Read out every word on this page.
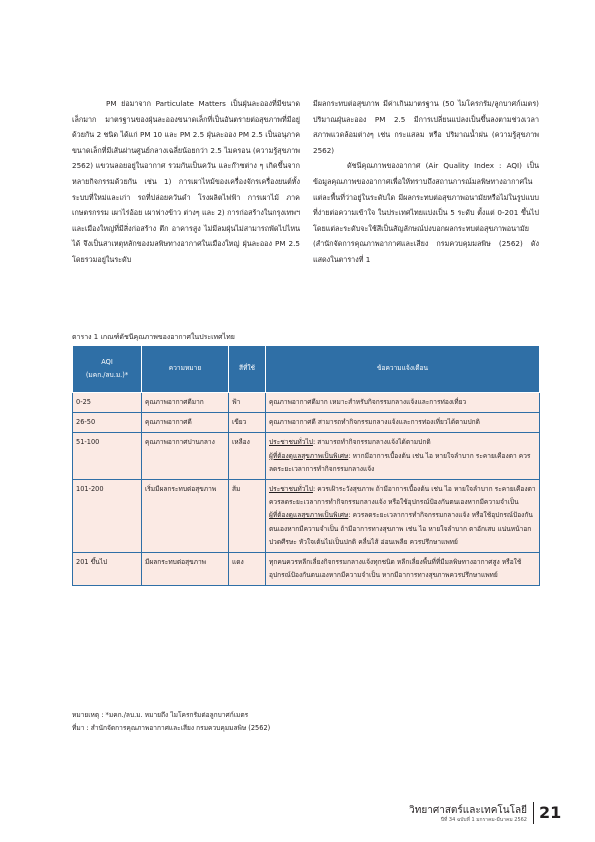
PM ย่อมาจาก Particulate Matters เป็นฝุ่นละอองที่มีขนาดเล็กมาก มาตรฐานของฝุ่นละอองขนาดเล็กที่เป็นอันตรายต่อสุขภาพที่มีอยู่ด้วยกัน 2 ชนิด ได้แก่ PM 10 และ PM 2.5 ฝุ่นละออง PM 2.5 เป็นอนุภาคขนาดเล็กที่มีเส้นผ่านศูนย์กลางเฉลี่ยน้อยกว่า 2.5 ไมครอน (ความรู้สุขภาพ 2562) แขวนลอยอยู่ในอากาศ รวมกันเป็นควัน และก๊าซต่าง ๆ เกิดขึ้นจากหลายกิจกรรมด้วยกัน เช่น 1) การเผาไหม้ของเครื่องจักรเครื่องยนต์ทั้งระบบที่ใหม่และเก่า รถที่ปล่อยควันดำ โรงผลิตไฟฟ้า การเผาไม้ ภาคเกษตรกรรม เผาไร่อ้อย เผาฟางข้าว ต่างๆ และ 2) การก่อสร้างในกรุงเทพฯ และเมืองใหญ่ที่มีสิ่งก่อสร้าง ตึก อาคารสูง ไม่มีลมฝุ่นไม่สามารถพัดไปไหนได้ จึงเป็นสาเหตุหลักของมลพิษทางอากาศในเมืองใหญ่ ฝุ่นละออง PM 2.5 โดยรวมอยู่ในระดับ

มีผลกระทบต่อสุขภาพ มีค่าเกินมาตรฐาน (50 ไมโครกรัม/ลูกบาศก์เมตร) ปริมาณฝุ่นละออง PM 2.5 มีการเปลี่ยนแปลงเป็นขึ้นลงตามช่วงเวลา สภาพแวดล้อมต่างๆ เช่น กระแสลม หรือ ปริมาณน้ำฝน (ความรู้สุขภาพ 2562)

ดัชนีคุณภาพของอากาศ (Air Quality Index : AQI) เป็นข้อมูลคุณภาพของอากาศเพื่อให้ทราบถึงสถานการณ์มลพิษทางอากาศในแต่ละพื้นที่ว่าอยู่ในระดับใด มีผลกระทบต่อสุขภาพอนามัยหรือไม่ในรูปแบบที่ง่ายต่อความเข้าใจ ในประเทศไทยแบ่งเป็น 5 ระดับ ตั้งแต่ 0-201 ขึ้นไป โดยแต่ละระดับจะใช้สีเป็นสัญลักษณ์บ่งบอกผลกระทบต่อสุขภาพอนามัย (สำนักจัดการคุณภาพอากาศและเสียง กรมควบคุมมลพิษ (2562) ดังแสดงในตารางที่ 1

ตาราง 1 เกณฑ์ดัชนีคุณภาพของอากาศในประเทศไทย
AQI
(มคก./ลบ.ม.)*	ความหมาย	สีที่ใช้	ข้อความแจ้งเตือน
0-25	คุณภาพอากาศดีมาก	ฟ้า	คุณภาพอากาศดีมาก เหมาะสำหรับกิจกรรมกลางแจ้งและการท่องเที่ยว
26-50	คุณภาพอากาศดี	เขียว	คุณภาพอากาศดี สามารถทำกิจกรรมกลางแจ้งและการท่องเที่ยวได้ตามปกติ
51-100	คุณภาพอากาศปานกลาง	เหลือง	ประชาชนทั่วไป: สามารถทำกิจกรรมกลางแจ้งได้ตามปกติ
ผู้ที่ต้องดูแลสุขภาพเป็นพิเศษ: หากมีอาการเบื้องต้น เช่น ไอ หายใจลำบาก ระคายเคืองตา ควรลดระยะเวลาการทำกิจกรรมกลางแจ้ง

101-200	เริ่มมีผลกระทบต่อสุขภาพ	ส้ม	ประชาชนทั่วไป: ควรเฝ้าระวังสุขภาพ ถ้ามีอาการเบื้องต้น เช่น ไอ หายใจลำบาก ระคายเคืองตา ควรลดระยะเวลาการทำกิจกรรมกลางแจ้ง หรือใช้อุปกรณ์ป้องกันตนเองหากมีความจำเป็น
ผู้ที่ต้องดูแลสุขภาพเป็นพิเศษ: ควรลดระยะเวลาการทำกิจกรรมกลางแจ้ง หรือใช้อุปกรณ์ป้องกันตนเองหากมีความจำเป็น ถ้ามีอาการทางสุขภาพ เช่น ไอ หายใจลำบาก ตาอักเสบ แน่นหน้าอก ปวดศีรษะ หัวใจเต้นไม่เป็นปกติ คลื่นไส้ อ่อนเพลีย ควรปรึกษาแพทย์

201 ขึ้นไป	มีผลกระทบต่อสุขภาพ	แดง	ทุกคนควรหลีกเลี่ยงกิจกรรมกลางแจ้งทุกชนิด หลีกเลี่ยงพื้นที่ที่มีมลพิษทางอากาศสูง หรือใช้อุปกรณ์ป้องกันตนเองหากมีความจำเป็น หากมีอาการทางสุขภาพควรปรึกษาแพทย์
หมายเหตุ : *มคก./ลบ.ม. หมายถึง ไมโครกรัมต่อลูกบาศก์เมตร
ที่มา : สำนักจัดการคุณภาพอากาศและเสียง กรมควบคุมมลพิษ (2562)
วิทยาศาสตร์และเทคโนโลยี
ปีที่ 34 ฉบับที่ 1 มกราคม-มีนาคม 2562 21
